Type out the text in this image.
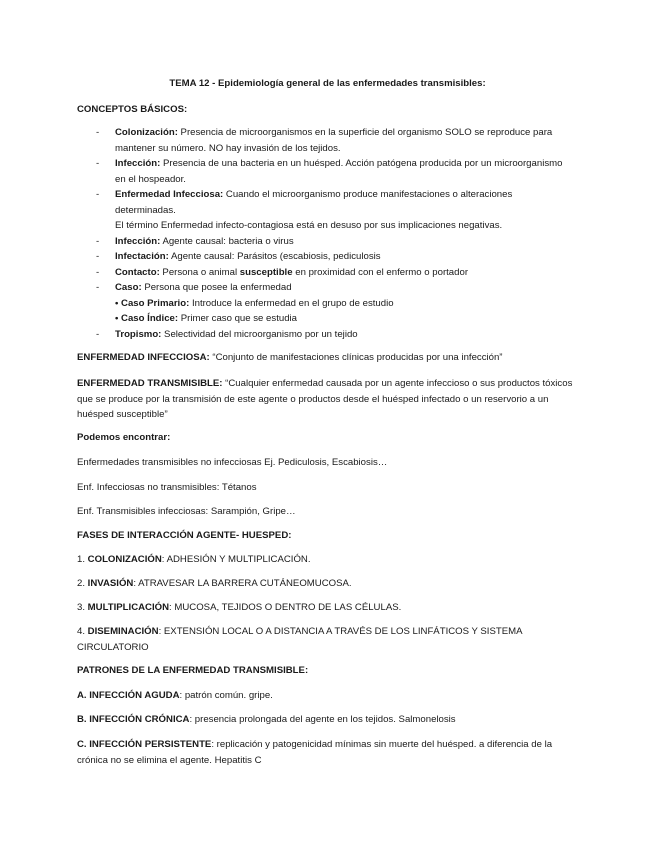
TEMA 12 - Epidemiología general de las enfermedades transmisibles:
CONCEPTOS BÁSICOS:
- Colonización: Presencia de microorganismos en la superficie del organismo SOLO se reproduce para mantener su número. NO hay invasión de los tejidos.
- Infección: Presencia de una bacteria en un huésped. Acción patógena producida por un microorganismo en el hospeador.
- Enfermedad Infecciosa: Cuando el microorganismo produce manifestaciones o alteraciones determinadas.
El término Enfermedad infecto-contagiosa está en desuso por sus implicaciones negativas.
- Infección: Agente causal: bacteria o virus
- Infectación: Agente causal: Parásitos (escabiosis, pediculosis
- Contacto: Persona o animal susceptible en proximidad con el enfermo o portador
- Caso: Persona que posee la enfermedad
• Caso Primario: Introduce la enfermedad en el grupo de estudio
• Caso Índice: Primer caso que se estudia
- Tropismo: Selectividad del microorganismo por un tejido
ENFERMEDAD INFECCIOSA: “Conjunto de manifestaciones clínicas producidas por una infección”
ENFERMEDAD TRANSMISIBLE: “Cualquier enfermedad causada por un agente infeccioso o sus productos tóxicos que se produce por la transmisión de este agente o productos desde el huésped infectado o un reservorio a un huésped susceptible”
Podemos encontrar:
Enfermedades transmisibles no infecciosas Ej. Pediculosis, Escabiosis…
Enf. Infecciosas no transmisibles: Tétanos
Enf. Transmisibles infecciosas: Sarampión, Gripe…
FASES DE INTERACCIÓN AGENTE- HUESPED:
1. COLONIZACIÓN: ADHESIÓN Y MULTIPLICACIÓN.
2. INVASIÓN: ATRAVESAR LA BARRERA CUTÁNEOMUCOSA.
3. MULTIPLICACIÓN: MUCOSA, TEJIDOS O DENTRO DE LAS CÉLULAS.
4. DISEMINACIÓN: EXTENSIÓN LOCAL O A DISTANCIA A TRAVÉS DE LOS LINFÁTICOS Y SISTEMA CIRCULATORIO
PATRONES DE LA ENFERMEDAD TRANSMISIBLE:
A. INFECCIÓN AGUDA: patrón común. gripe.
B. INFECCIÓN CRÓNICA: presencia prolongada del agente en los tejidos. Salmonelosis
C. INFECCIÓN PERSISTENTE: replicación y patogenicidad mínimas sin muerte del huésped. a diferencia de la crónica no se elimina el agente. Hepatitis C
